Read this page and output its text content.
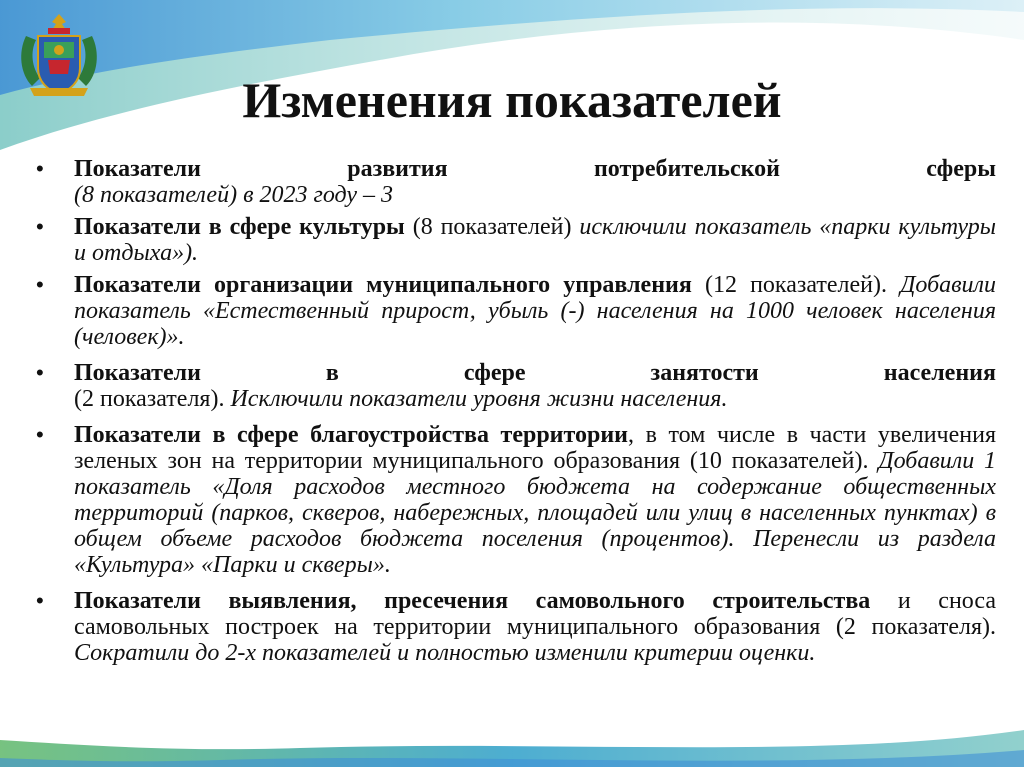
Изменения показателей
• Показатели	развития	потребительской	сферы
(8 показателей) в 2023 году – 3
• Показатели в сфере культуры (8 показателей) исключили показатель «парки культуры и отдыха»).
• Показатели организации муниципального управления (12 показателей). Добавили показатель «Естественный прирост, убыль (-) населения на 1000 человек населения (человек)».
• Показатели	в	сфере	занятости	населения
(2 показателя). Исключили показатели уровня жизни населения.
• Показатели в сфере благоустройства территории, в том числе в части увеличения зеленых зон на территории муниципального образования (10 показателей). Добавили 1 показатель «Доля расходов местного бюджета на содержание общественных территорий (парков, скверов, набережных, площадей или улиц в населенных пунктах) в общем объеме расходов бюджета поселения (процентов). Перенесли из раздела «Культура» «Парки и скверы».
• Показатели выявления, пресечения самовольного строительства и сноса самовольных построек на территории муниципального образования (2 показателя). Сократили до 2-х показателей и полностью изменили критерии оценки.
